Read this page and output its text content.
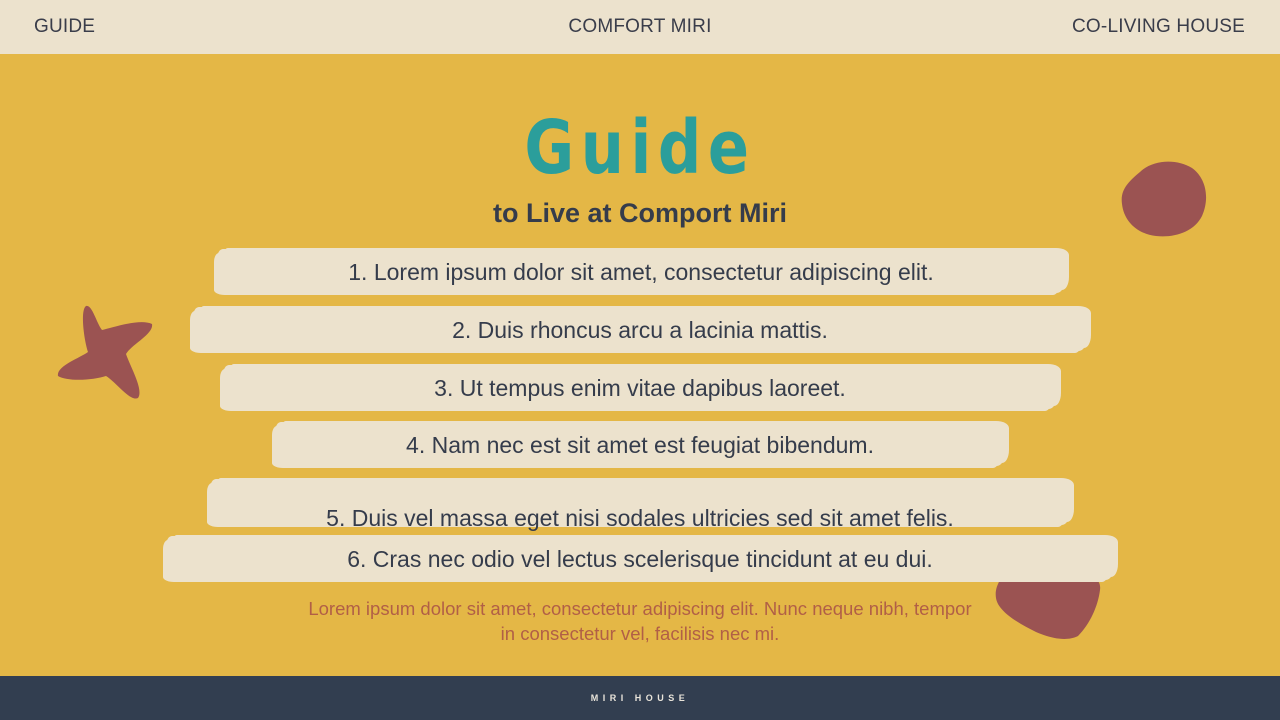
GUIDE	COMFORT MIRI	CO-LIVING HOUSE
Guide
to Live at Comport Miri
1. Lorem ipsum dolor sit amet, consectetur adipiscing elit.
2. Duis rhoncus arcu a lacinia mattis.
3. Ut tempus enim vitae dapibus laoreet.
4. Nam nec est sit amet est feugiat bibendum.
5. Duis vel massa eget nisi sodales ultricies sed sit amet felis.
6. Cras nec odio vel lectus scelerisque tincidunt at eu dui.
Lorem ipsum dolor sit amet, consectetur adipiscing elit. Nunc neque nibh, tempor in consectetur vel, facilisis nec mi.
MIRI HOUSE
